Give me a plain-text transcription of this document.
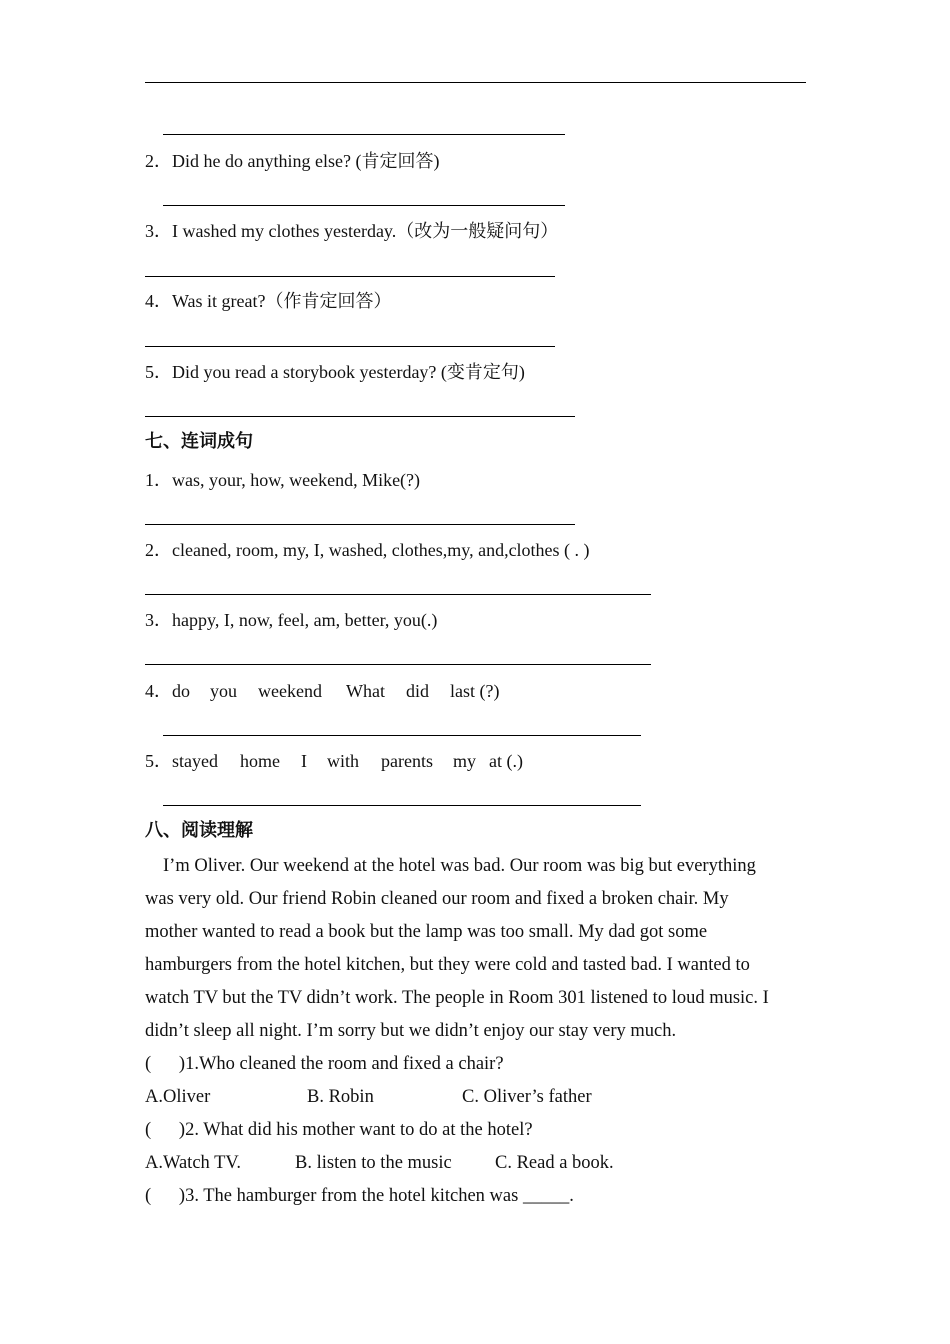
2．Did he do anything else? (肯定回答)
3．I washed my clothes yesterday.（改为一般疑问句）
4．Was it great?（作肯定回答）
5．Did you read a storybook yesterday? (变肯定句)
七、连词成句
1．was, your, how, weekend, Mike(?)
2．cleaned, room, my, I, washed, clothes,my, and,clothes ( . )
3．happy, I, now, feel, am, better, you(.)
4．do you weekend What did last (?)
5．stayed home I with parents my at (.)
八、阅读理解
I’m Oliver. Our weekend at the hotel was bad. Our room was big but everything
was very old. Our friend Robin cleaned our room and fixed a broken chair. My
mother wanted to read a book but the lamp was too small. My dad got some
hamburgers from the hotel kitchen, but they were cold and tasted bad. I wanted to
watch TV but the TV didn’t work. The people in Room 301 listened to loud music. I
didn’t sleep all night. I’m sorry but we didn’t enjoy our stay very much.
(      )1.Who cleaned the room and fixed a chair?
A.Oliver	B. Robin	C. Oliver’s father
(      )2. What did his mother want to do at the hotel?
A.Watch TV.	B. listen to the music C. Read a book.
(      )3. The hamburger from the hotel kitchen was _____.
